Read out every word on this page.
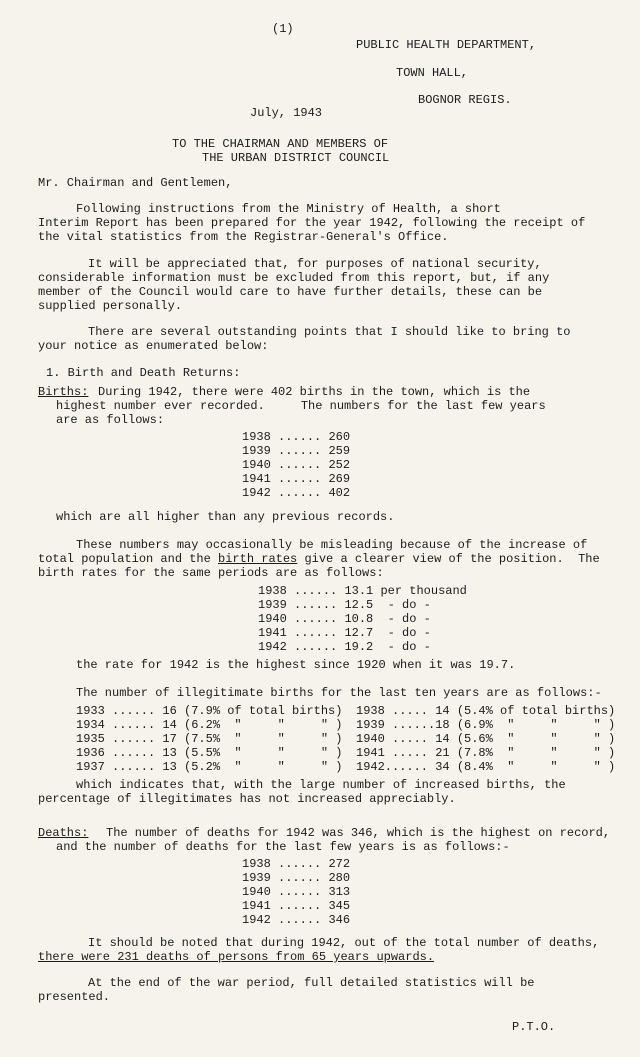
(1)
PUBLIC HEALTH DEPARTMENT,
TOWN HALL,
BOGNOR REGIS.
July, 1943
TO THE CHAIRMAN AND MEMBERS OF
THE URBAN DISTRICT COUNCIL
Mr. Chairman and Gentlemen,
Following instructions from the Ministry of Health, a short
Interim Report has been prepared for the year 1942, following the receipt of
the vital statistics from the Registrar-General's Office.
It will be appreciated that, for purposes of national security,
considerable information must be excluded from this report, but, if any
member of the Council would care to have further details, these can be
supplied personally.
There are several outstanding points that I should like to bring to
your notice as enumerated below:
1. Birth and Death Returns:
Births: During 1942, there were 402 births in the town, which is the
highest number ever recorded.     The numbers for the last few years
are as follows:
1938 ...... 260
1939 ...... 259
1940 ...... 252
1941 ...... 269
1942 ...... 402
which are all higher than any previous records.
These numbers may occasionally be misleading because of the increase of
total population and the birth rates give a clearer view of the position.  The
birth rates for the same periods are as follows:
1938 ...... 13.1 per thousand
1939 ...... 12.5 - do -
1940 ...... 10.8 - do -
1941 ...... 12.7 - do -
1942 ...... 19.2 - do -
the rate for 1942 is the highest since 1920 when it was 19.7.
The number of illegitimate births for the last ten years are as follows:-
1933 ...... 16 (7.9% of total births)
1934 ...... 14 (6.2%  "     "     " )
1935 ...... 17 (7.5%  "     "     " )
1936 ...... 13 (5.5%  "     "     " )
1937 ...... 13 (5.2%  "     "     " )
1938 ..... 14 (5.4% of total births)
1939 ......18 (6.9%  "     "     " )
1940 ..... 14 (5.6%  "     "     " )
1941 ..... 21 (7.8%  "     "     " )
1942...... 34 (8.4%  "     "     " )
which indicates that, with the large number of increased births, the
percentage of illegitimates has not increased appreciably.
Deaths: The number of deaths for 1942 was 346, which is the highest on record,
and the number of deaths for the last few years is as follows:-
1938 ...... 272
1939 ...... 280
1940 ...... 313
1941 ...... 345
1942 ...... 346
It should be noted that during 1942, out of the total number of deaths,
there were 231 deaths of persons from 65 years upwards.
At the end of the war period, full detailed statistics will be
presented.
P.T.O.
